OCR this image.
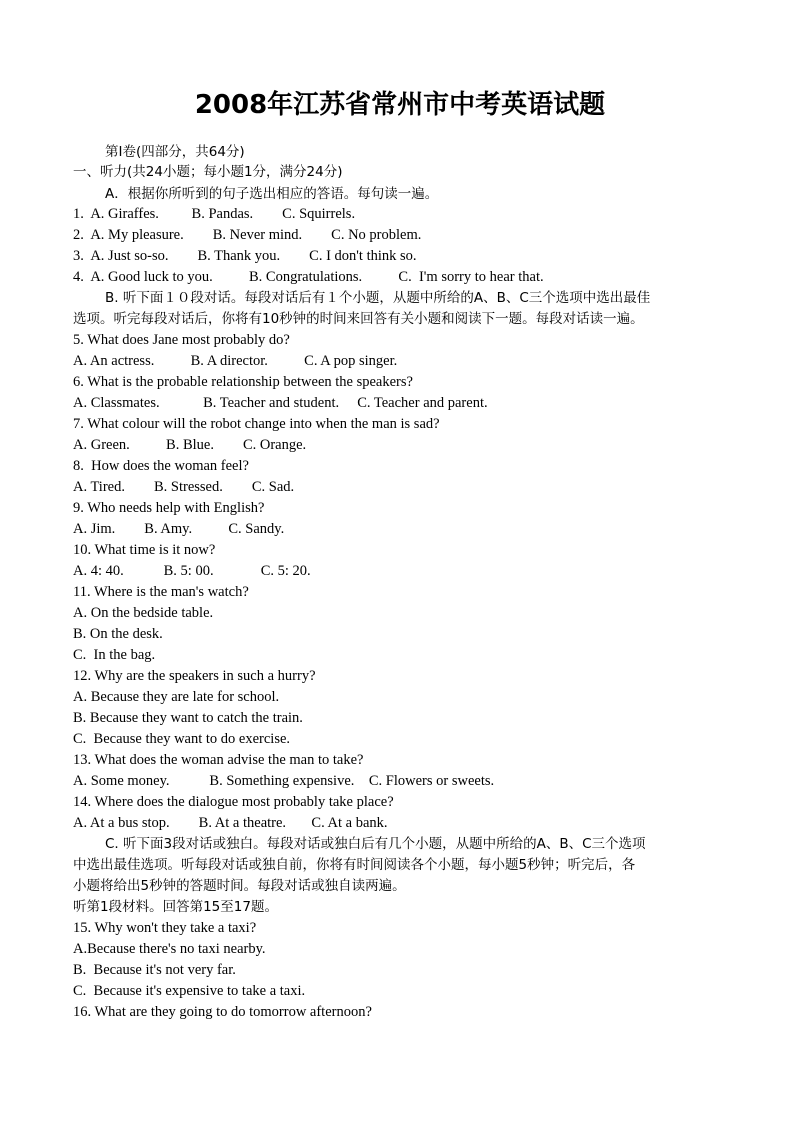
2008年江苏省常州市中考英语试题
第Ⅰ卷(四部分，共64分)
一、听力(共24小题；每小题1分，满分24分)
A．根据你所听到的句子选出相应的答语。每句读一遍。
1.  A. Giraffes.         B. Pandas.        C. Squirrels.
2.  A. My pleasure.        B. Never mind.        C. No problem.
3.  A. Just so-so.        B. Thank you.        C. I don't think so.
4.  A. Good luck to you.          B. Congratulations.          C.  I'm sorry to hear that.
B. 听下面１０段对话。每段对话后有１个小题，从题中所给的A、B、C三个选项中选出最佳
选项。听完每段对话后，你将有10秒钟的时间来回答有关小题和阅读下一题。每段对话读一遍。
5. What does Jane most probably do?
A. An actress.          B. A director.          C. A pop singer.
6. What is the probable relationship between the speakers?
A. Classmates.            B. Teacher and student.     C. Teacher and parent.
7. What colour will the robot change into when the man is sad?
A. Green.          B. Blue.        C. Orange.
8.  How does the woman feel?
A. Tired.        B. Stressed.        C. Sad.
9. Who needs help with English?
A. Jim.        B. Amy.          C. Sandy.
10. What time is it now?
A. 4: 40.           B. 5: 00.             C. 5: 20.
11. Where is the man's watch?
A. On the bedside table.
B. On the desk.
C.  In the bag.
12. Why are the speakers in such a hurry?
A. Because they are late for school.
B. Because they want to catch the train.
C.  Because they want to do exercise.
13. What does the woman advise the man to take?
A. Some money.           B. Something expensive.    C. Flowers or sweets.
14. Where does the dialogue most probably take place?
A. At a bus stop.        B. At a theatre.       C. At a bank.
C. 听下面3段对话或独白。每段对话或独白后有几个小题，从题中所给的A、B、C三个选项
中选出最佳选项。听每段对话或独自前，你将有时间阅读各个小题，每小题5秒钟；听完后，各
小题将给出5秒钟的答题时间。每段对话或独自读两遍。
听第1段材料。回答第15至17题。
15. Why won't they take a taxi?
A.Because there's no taxi nearby.
B.  Because it's not very far.
C.  Because it's expensive to take a taxi.
16. What are they going to do tomorrow afternoon?
